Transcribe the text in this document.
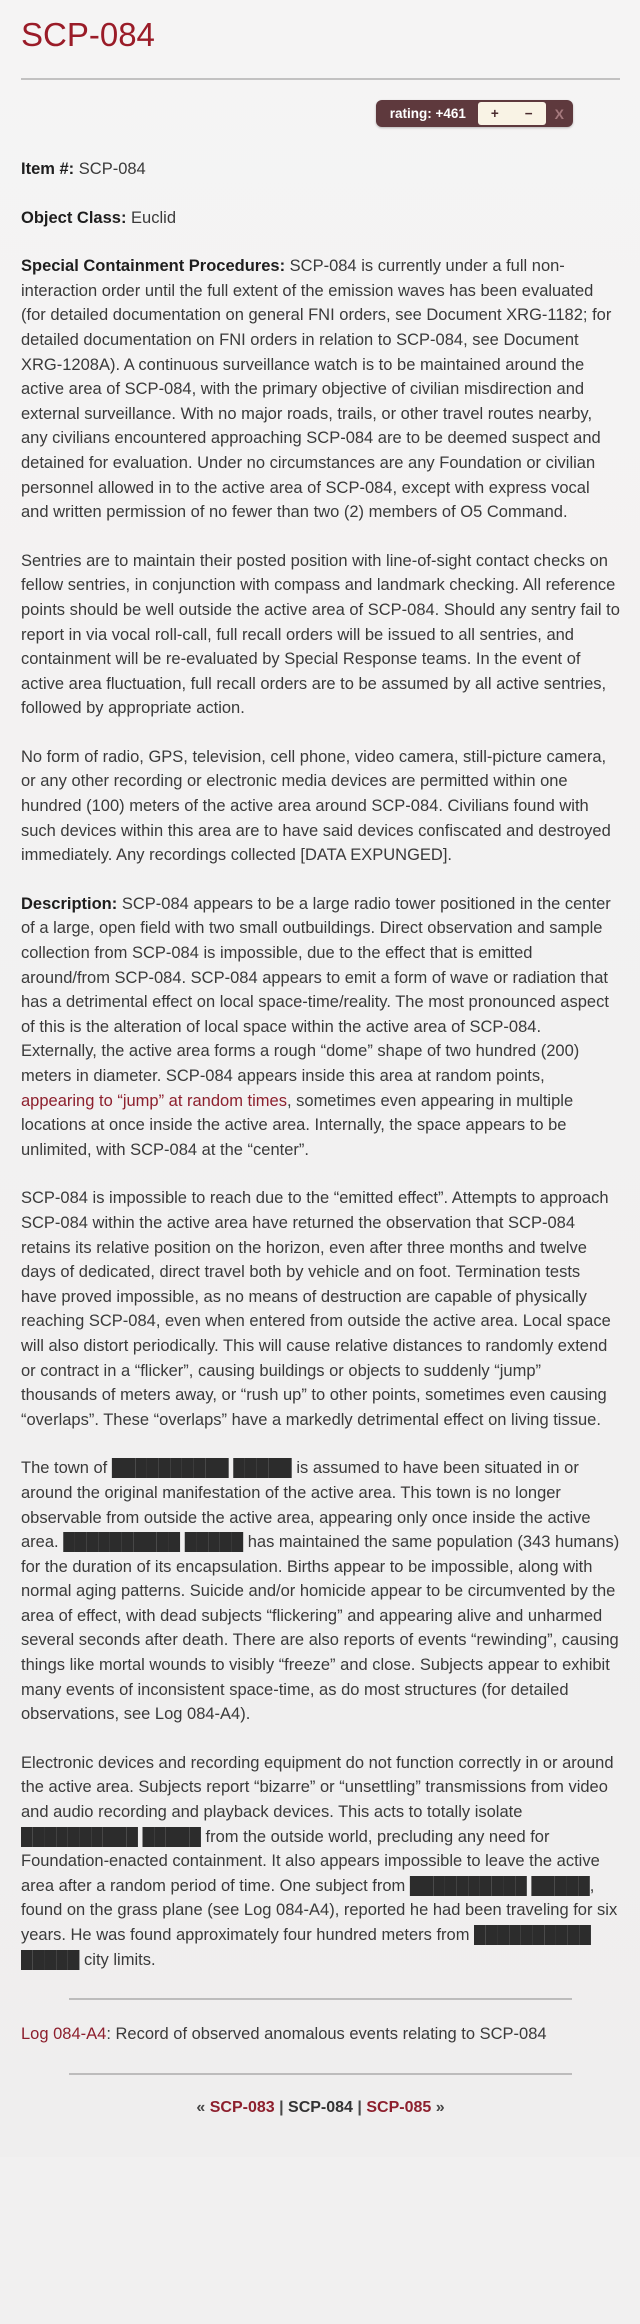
SCP-084
rating: +461	+	−	X

Item #: SCP-084

Object Class: Euclid

Special Containment Procedures: SCP-084 is currently under a full non-interaction order until the full extent of the emission waves has been evaluated (for detailed documentation on general FNI orders, see Document XRG-1182; for detailed documentation on FNI orders in relation to SCP-084, see Document XRG-1208A). A continuous surveillance watch is to be maintained around the active area of SCP-084, with the primary objective of civilian misdirection and external surveillance. With no major roads, trails, or other travel routes nearby, any civilians encountered approaching SCP-084 are to be deemed suspect and detained for evaluation. Under no circumstances are any Foundation or civilian personnel allowed in to the active area of SCP-084, except with express vocal and written permission of no fewer than two (2) members of O5 Command.

Sentries are to maintain their posted position with line-of-sight contact checks on fellow sentries, in conjunction with compass and landmark checking. All reference points should be well outside the active area of SCP-084. Should any sentry fail to report in via vocal roll-call, full recall orders will be issued to all sentries, and containment will be re-evaluated by Special Response teams. In the event of active area fluctuation, full recall orders are to be assumed by all active sentries, followed by appropriate action.

No form of radio, GPS, television, cell phone, video camera, still-picture camera, or any other recording or electronic media devices are permitted within one hundred (100) meters of the active area around SCP-084. Civilians found with such devices within this area are to have said devices confiscated and destroyed immediately. Any recordings collected [DATA EXPUNGED].

Description: SCP-084 appears to be a large radio tower positioned in the center of a large, open field with two small outbuildings. Direct observation and sample collection from SCP-084 is impossible, due to the effect that is emitted around/from SCP-084. SCP-084 appears to emit a form of wave or radiation that has a detrimental effect on local space-time/reality. The most pronounced aspect of this is the alteration of local space within the active area of SCP-084. Externally, the active area forms a rough “dome” shape of two hundred (200) meters in diameter. SCP-084 appears inside this area at random points, appearing to “jump” at random times, sometimes even appearing in multiple locations at once inside the active area. Internally, the space appears to be unlimited, with SCP-084 at the “center”.

SCP-084 is impossible to reach due to the “emitted effect”. Attempts to approach SCP-084 within the active area have returned the observation that SCP-084 retains its relative position on the horizon, even after three months and twelve days of dedicated, direct travel both by vehicle and on foot. Termination tests have proved impossible, as no means of destruction are capable of physically reaching SCP-084, even when entered from outside the active area. Local space will also distort periodically. This will cause relative distances to randomly extend or contract in a “flicker”, causing buildings or objects to suddenly “jump” thousands of meters away, or “rush up” to other points, sometimes even causing “overlaps”. These “overlaps” have a markedly detrimental effect on living tissue.

The town of ██████████ █████ is assumed to have been situated in or around the original manifestation of the active area. This town is no longer observable from outside the active area, appearing only once inside the active area. ██████████ █████ has maintained the same population (343 humans) for the duration of its encapsulation. Births appear to be impossible, along with normal aging patterns. Suicide and/or homicide appear to be circumvented by the area of effect, with dead subjects “flickering” and appearing alive and unharmed several seconds after death. There are also reports of events “rewinding”, causing things like mortal wounds to visibly “freeze” and close. Subjects appear to exhibit many events of inconsistent space-time, as do most structures (for detailed observations, see Log 084-A4).

Electronic devices and recording equipment do not function correctly in or around the active area. Subjects report “bizarre” or “unsettling” transmissions from video and audio recording and playback devices. This acts to totally isolate ██████████ █████ from the outside world, precluding any need for Foundation-enacted containment. It also appears impossible to leave the active area after a random period of time. One subject from ██████████ █████, found on the grass plane (see Log 084-A4), reported he had been traveling for six years. He was found approximately four hundred meters from ██████████ █████ city limits.

Log 084-A4: Record of observed anomalous events relating to SCP-084

« SCP-083 | SCP-084 | SCP-085 »
